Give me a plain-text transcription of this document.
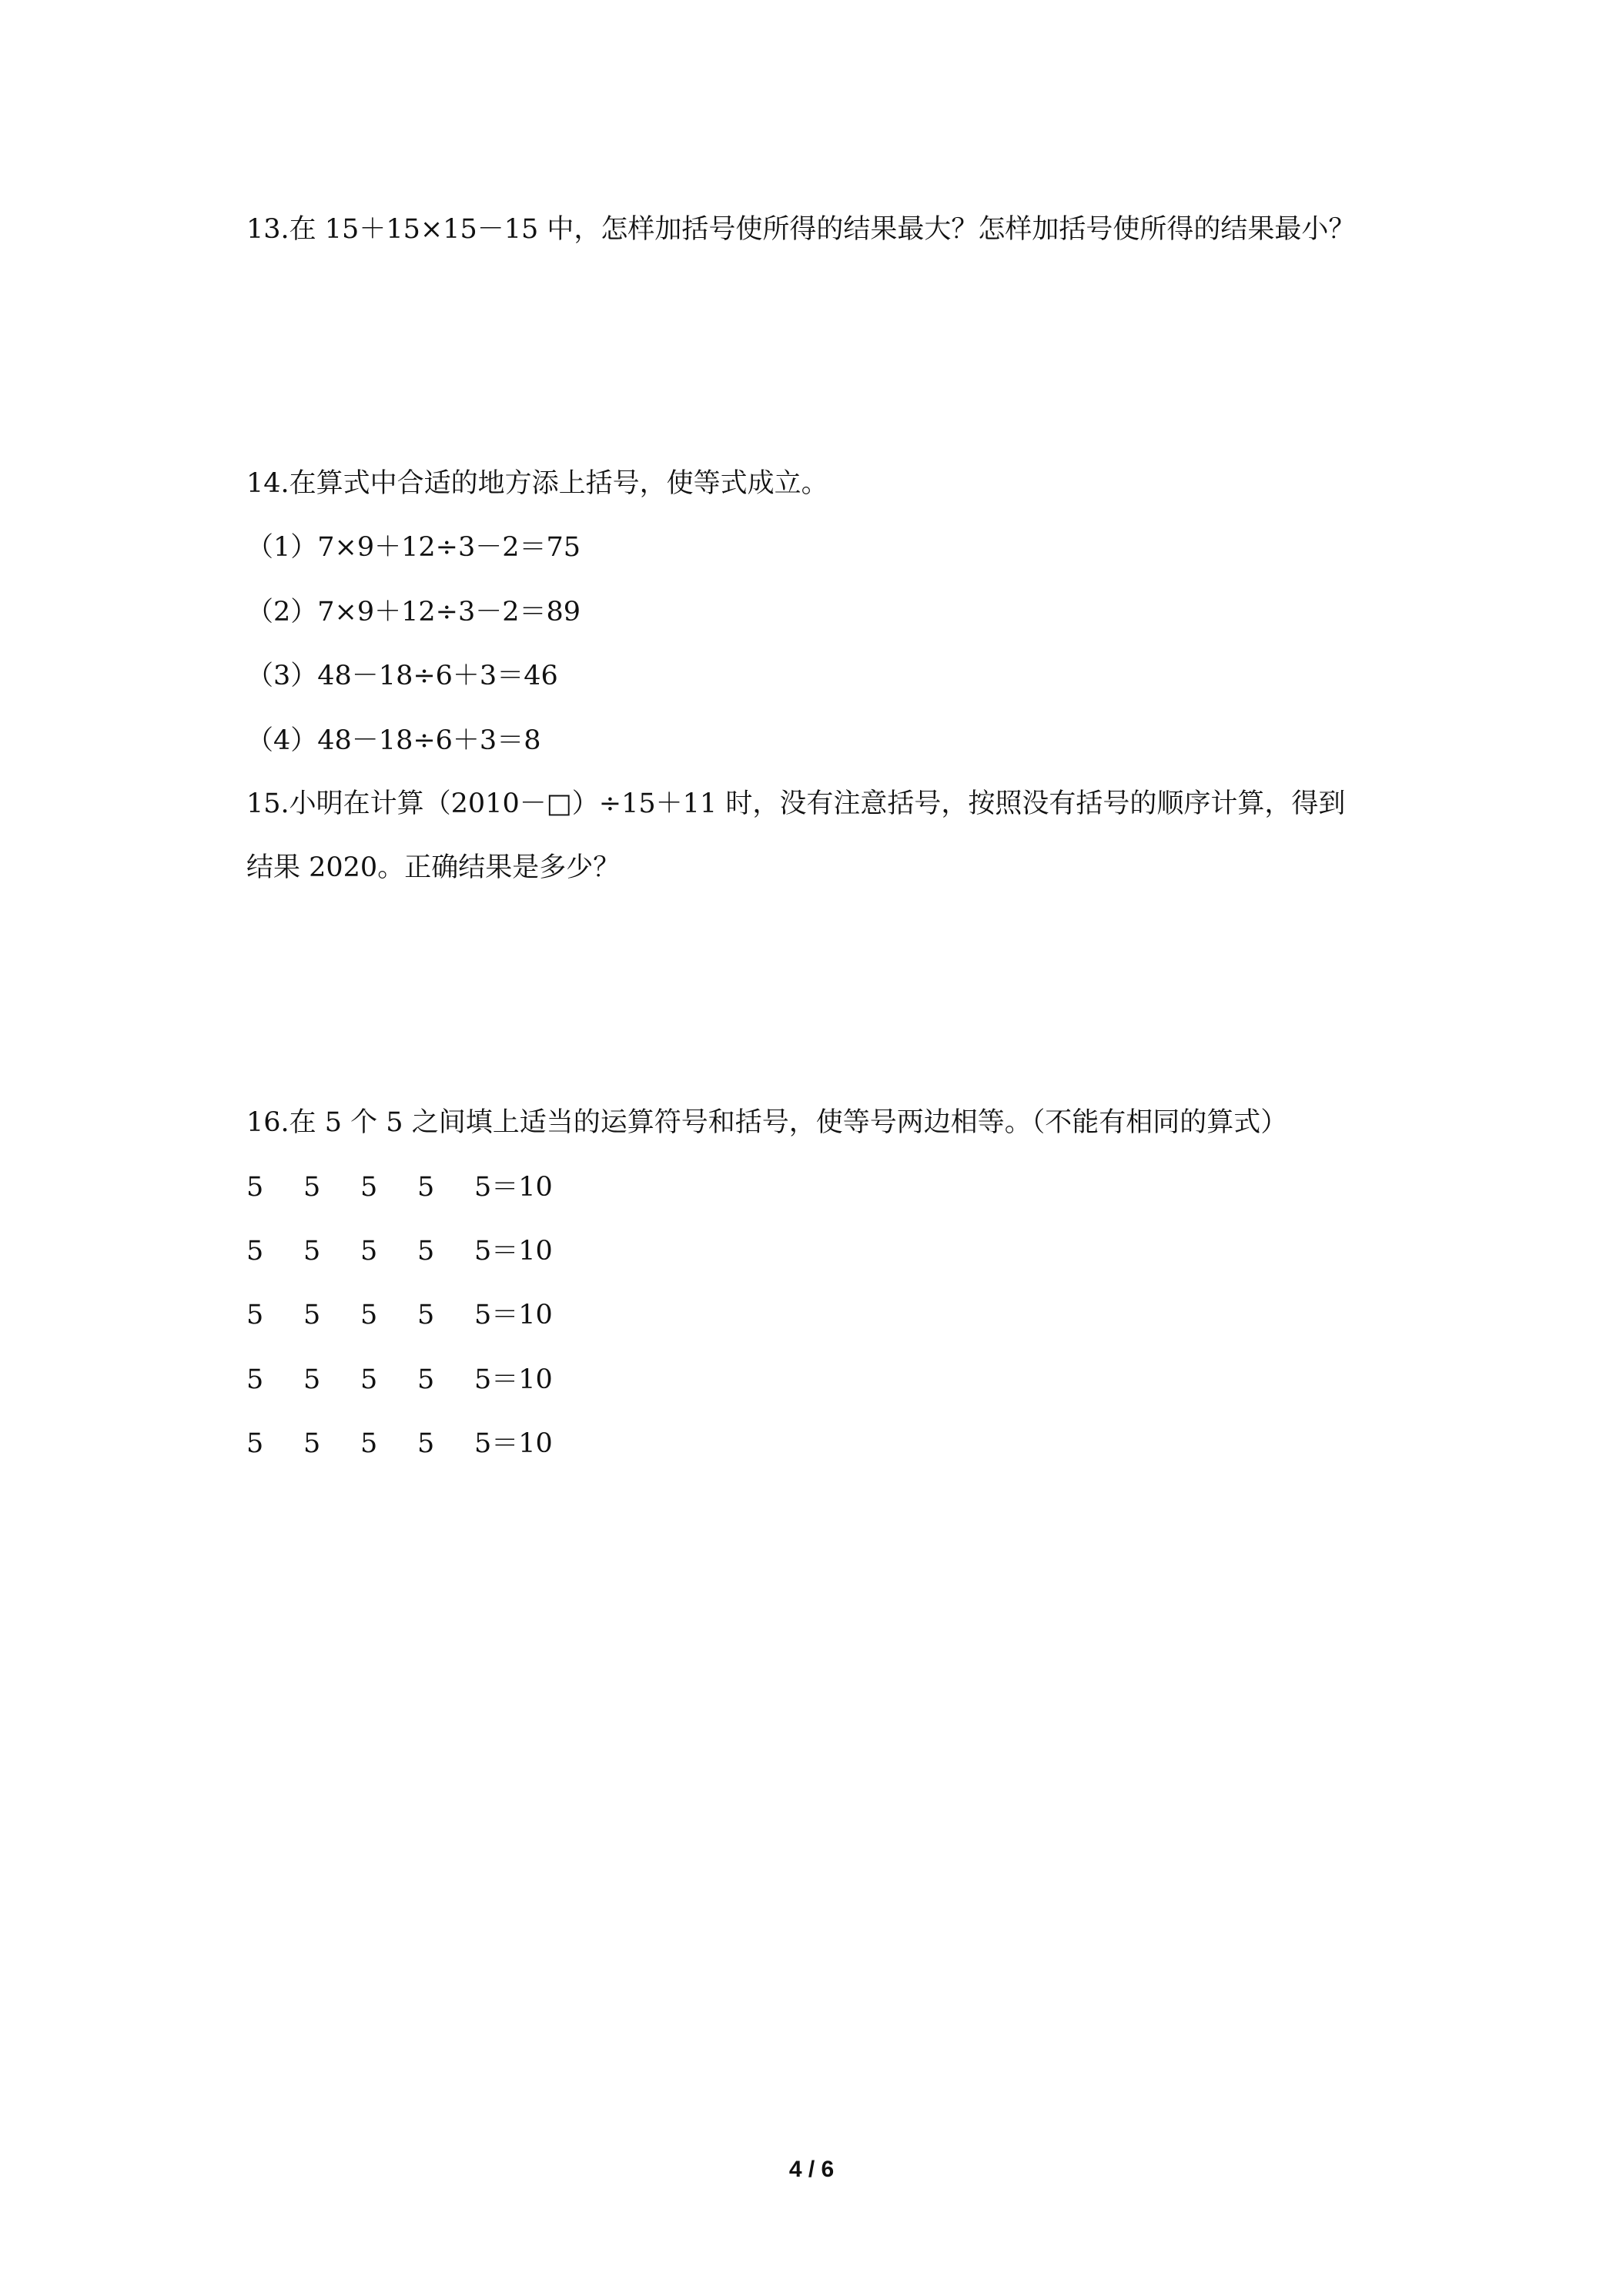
13.在 15＋15×15－15 中，怎样加括号使所得的结果最大？怎样加括号使所得的结果最小？
14.在算式中合适的地方添上括号，使等式成立。
（1）7×9＋12÷3－2＝75
（2）7×9＋12÷3－2＝89
（3）48－18÷6＋3＝46
（4）48－18÷6＋3＝8
15.小明在计算（2010－□）÷15＋11 时，没有注意括号，按照没有括号的顺序计算，得到
结果 2020。正确结果是多少？
16.在 5 个 5 之间填上适当的运算符号和括号，使等号两边相等。（不能有相同的算式）
5 5 5 5 5＝10
5 5 5 5 5＝10
5 5 5 5 5＝10
5 5 5 5 5＝10
5 5 5 5 5＝10
4 / 6
